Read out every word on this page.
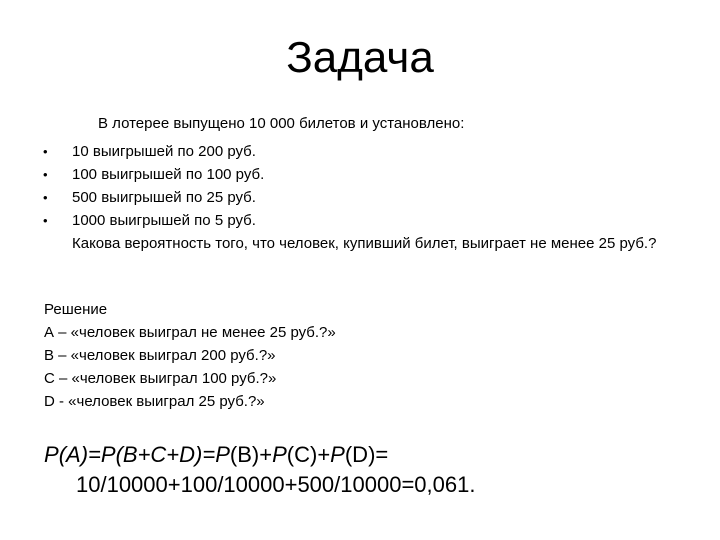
Задача
В лотерее выпущено 10 000 билетов и установлено:
• 10 выигрышей по 200 руб.
• 100 выигрышей по 100 руб.
• 500 выигрышей по 25 руб.
• 1000 выигрышей по 5 руб.
Какова вероятность того, что человек, купивший билет, выиграет не менее 25 руб.?
Решение
А – «человек выиграл не менее 25 руб.?»
В – «человек выиграл 200 руб.?»
С – «человек выиграл 100 руб.?»
D - «человек выиграл 25 руб.?»
P(A)=P(B+C+D)=P(B)+P(C)+P(D)=
10/10000+100/10000+500/10000=0,061.
